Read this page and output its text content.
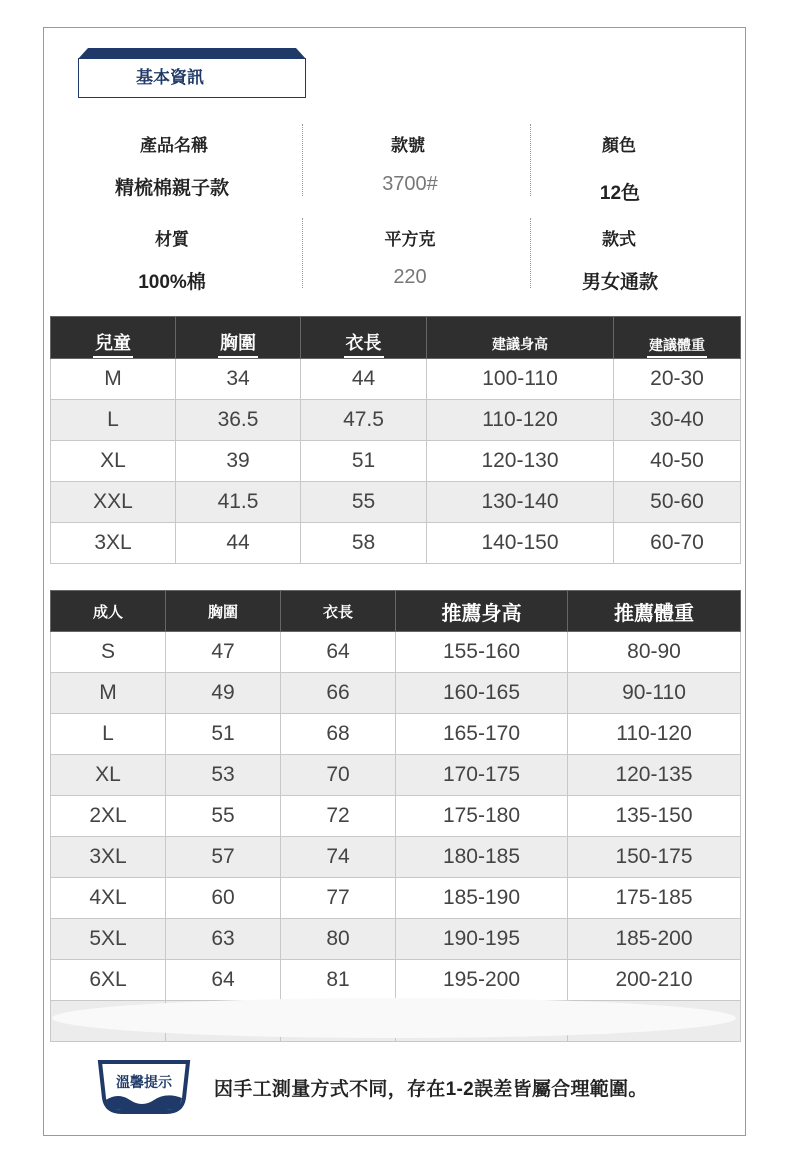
基本資訊
產品名稱	款號	顏色
精梳棉親子款	3700#	12色
材質	平方克	款式
100%棉	220	男女通款
兒童	胸圍	衣長	建議身高	建議體重
M	34	44	100-110	20-30
L	36.5	47.5	110-120	30-40
XL	39	51	120-130	40-50
XXL	41.5	55	130-140	50-60
3XL	44	58	140-150	60-70
成人	胸圍	衣長	推薦身高	推薦體重
S	47	64	155-160	80-90
M	49	66	160-165	90-110
L	51	68	165-170	110-120
XL	53	70	170-175	120-135
2XL	55	72	175-180	135-150
3XL	57	74	180-185	150-175
4XL	60	77	185-190	175-185
5XL	63	80	190-195	185-200
6XL	64	81	195-200	200-210

溫馨提示	因手工測量方式不同，存在1-2誤差皆屬合理範圍。
